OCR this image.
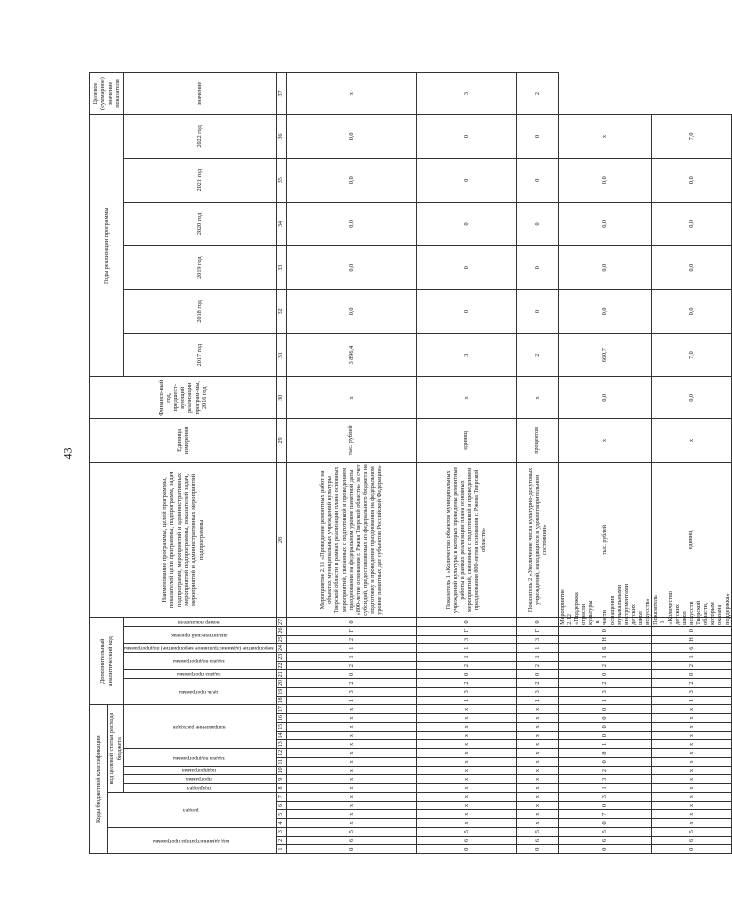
43
Коды бюджетной классификации																	Дополнительный аналитический код										Наименование программы, целей программы, показателей цели программы, подпрограмм, задач подпрограмм, мероприятий и административных мероприятий подпрограммы, показателей задач, мероприятий и административных мероприятий подпрограммы	Единица измерения	Финансо-вый год, предшест-вующий реализации програм-мы, 2016 год	Годы реализации программы						Целевое (суммарное) значение показателя
код администратора программы			раздел				код целевой статьи расхода бюджета																													
							подраздел	программа	подпрограмма	задача подпрограммы		направление расходов					цель программы			задача программы	задача подпрограммы		мероприятие (административное мероприятие) подпрограммы	аналитический признак		номер показателя				2017 год	2018 год	2019 год	2020 год	2021 год	2022 год	значение
1	2	3	4	5	6	7	8	9	10	11	12	13	14	15	16	17	18	19	20	21	22	23	24	25	26	27	28	29	30	31	32	33	34	35	36	37
0	6	5	x	x	x	x	x	x	x	x	x	x	x	x	x	x	1	3	2	0	2	1	1	2	Г	0	Мероприятие 2.11 «Проведение ремонтных работ на объектах муниципальных учреждений культуры Тверской области в рамках реализации плана основных мероприятий, связанных с подготовкой и проведением празднования на федеральном уровне памятной даты «800-летие основания г. Ржева Тверской области» за счет субсидий, предоставляемых из федерального бюджета на подготовку и проведение празднования на федеральном уровне памятных дат субъектов Российской Федерации»	тыс. рублей	x	3 896,4	0,0	0,0	0,0	0,0	0,0	x
0	6	5	x	x	x	x	x	x	x	x	x	x	x	x	x	x	1	3	2	0	2	1	1	3	Г	0	Показатель 1 «Количество объектов муниципальных учреждений культуры в которых проведены ремонтные работы в рамках реализации плана основных мероприятий, связанных с подготовкой и проведением празднования 800-летия основания г. Ржева Тверской области»	единиц	x	3	0	0	0	0	0	3
0	6	5	x	x	x	x	x	x	x	x	x	x	x	x	x	x	1	3	2	0	2	1	1	3	Г	0	Показатель 2 «Увеличение числа культурно-досуговых учреждений, находящихся в удовлетворительном состоянии»	процентов	x	2	0	0	0	0	0	2
0	6	5	0	7	0	3	1	3	2	0	8	1	0	0	0	0	1	3	2	0	2	1	6	Н	0	Мероприятие 2.12 «Поддержка отрасли культуры в части оснащения музыкальными инструментами детских школ искусств»	тыс. рублей	x	0,0	660,7	0,0	0,0	0,0	0,0	x	
0	6	5	x	x	x	x	x	x	x	x	x	x	x	x	x	x	1	3	2	0	2	1	6	Н	0	Показатель 1 «Количество детских школ искусств Тверской области, которым оказана поддержка»	единиц	x	0,0	7,0	0,0	0,0	0,0	0,0	7,0	
